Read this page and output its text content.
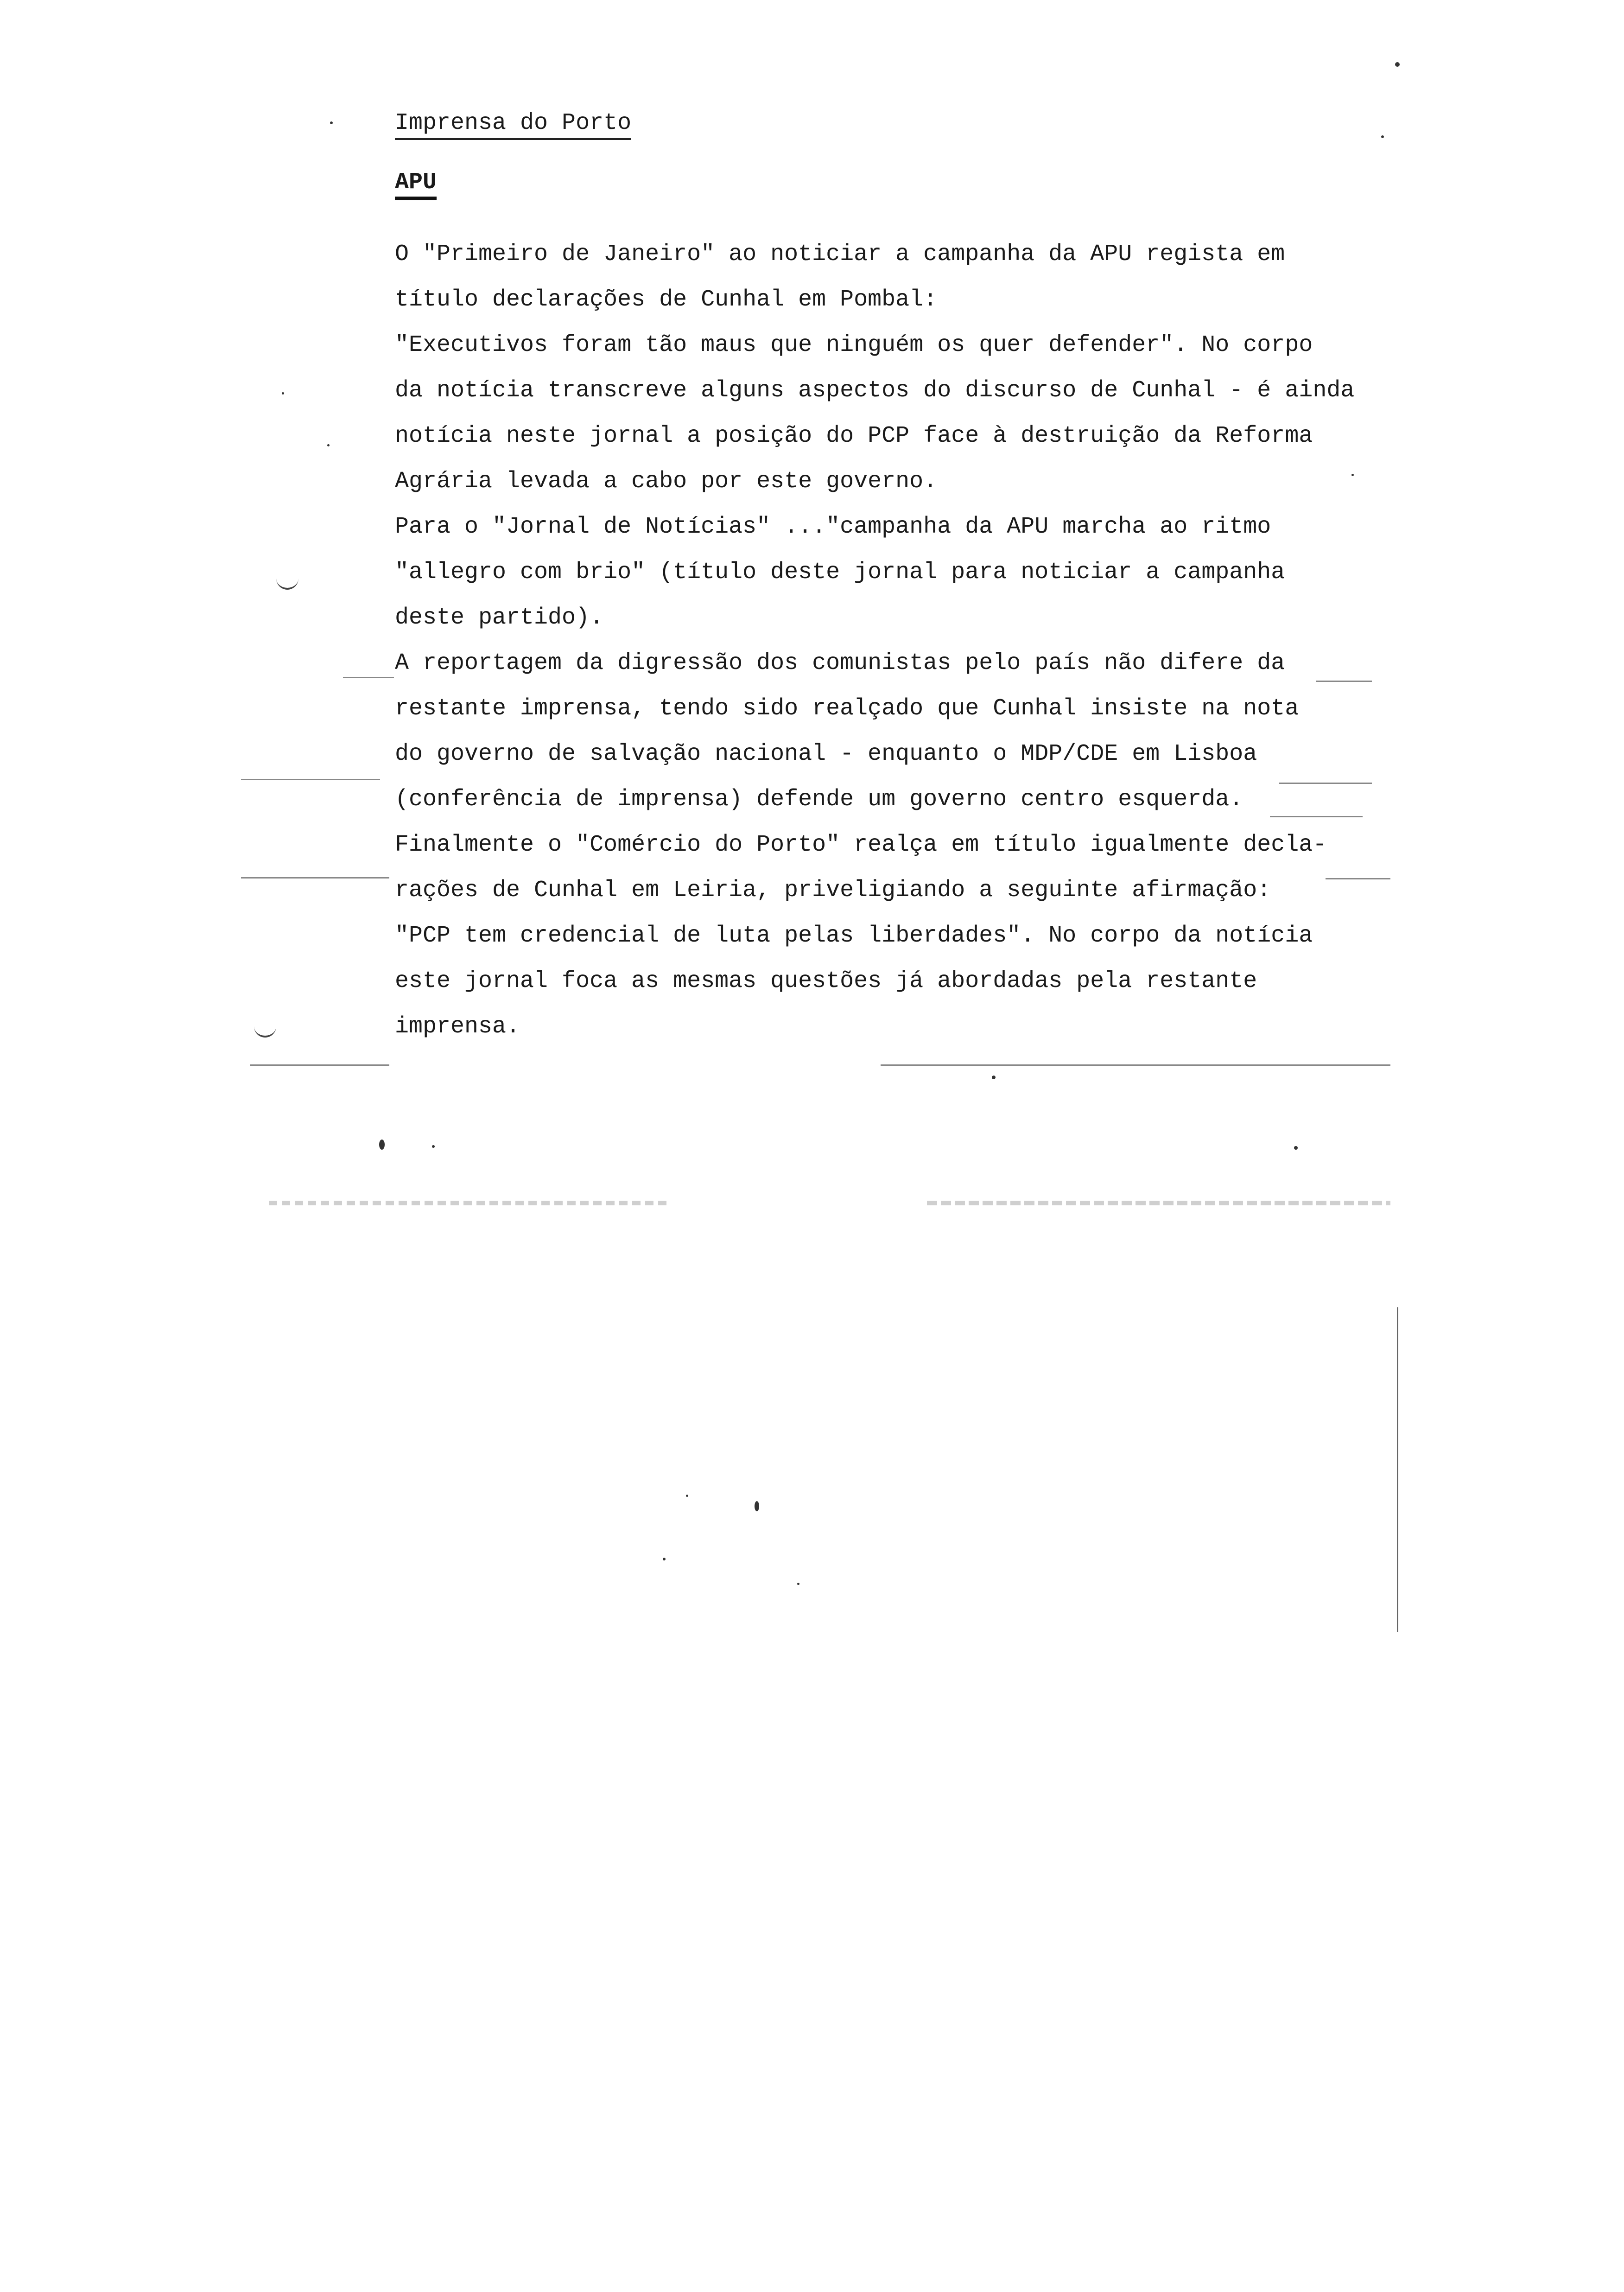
Imprensa do Porto
APU
O "Primeiro de Janeiro" ao noticiar a campanha da APU regista em
título declarações de Cunhal em Pombal:
"Executivos foram tão maus que ninguém os quer defender". No corpo
da notícia transcreve alguns aspectos do discurso de Cunhal - é ainda
notícia neste jornal a posição do PCP face à destruição da Reforma
Agrária levada a cabo por este governo.
Para o "Jornal de Notícias" ..."campanha da APU marcha ao ritmo
"allegro com brio" (título deste jornal para noticiar a campanha
deste partido).
A reportagem da digressão dos comunistas pelo país não difere da
restante imprensa, tendo sido realçado que Cunhal insiste na nota
do governo de salvação nacional - enquanto o MDP/CDE em Lisboa
(conferência de imprensa) defende um governo centro esquerda.
Finalmente o "Comércio do Porto" realça em título igualmente decla-
rações de Cunhal em Leiria, priveligiando a seguinte afirmação:
"PCP tem credencial de luta pelas liberdades". No corpo da notícia
este jornal foca as mesmas questões já abordadas pela restante
imprensa.
